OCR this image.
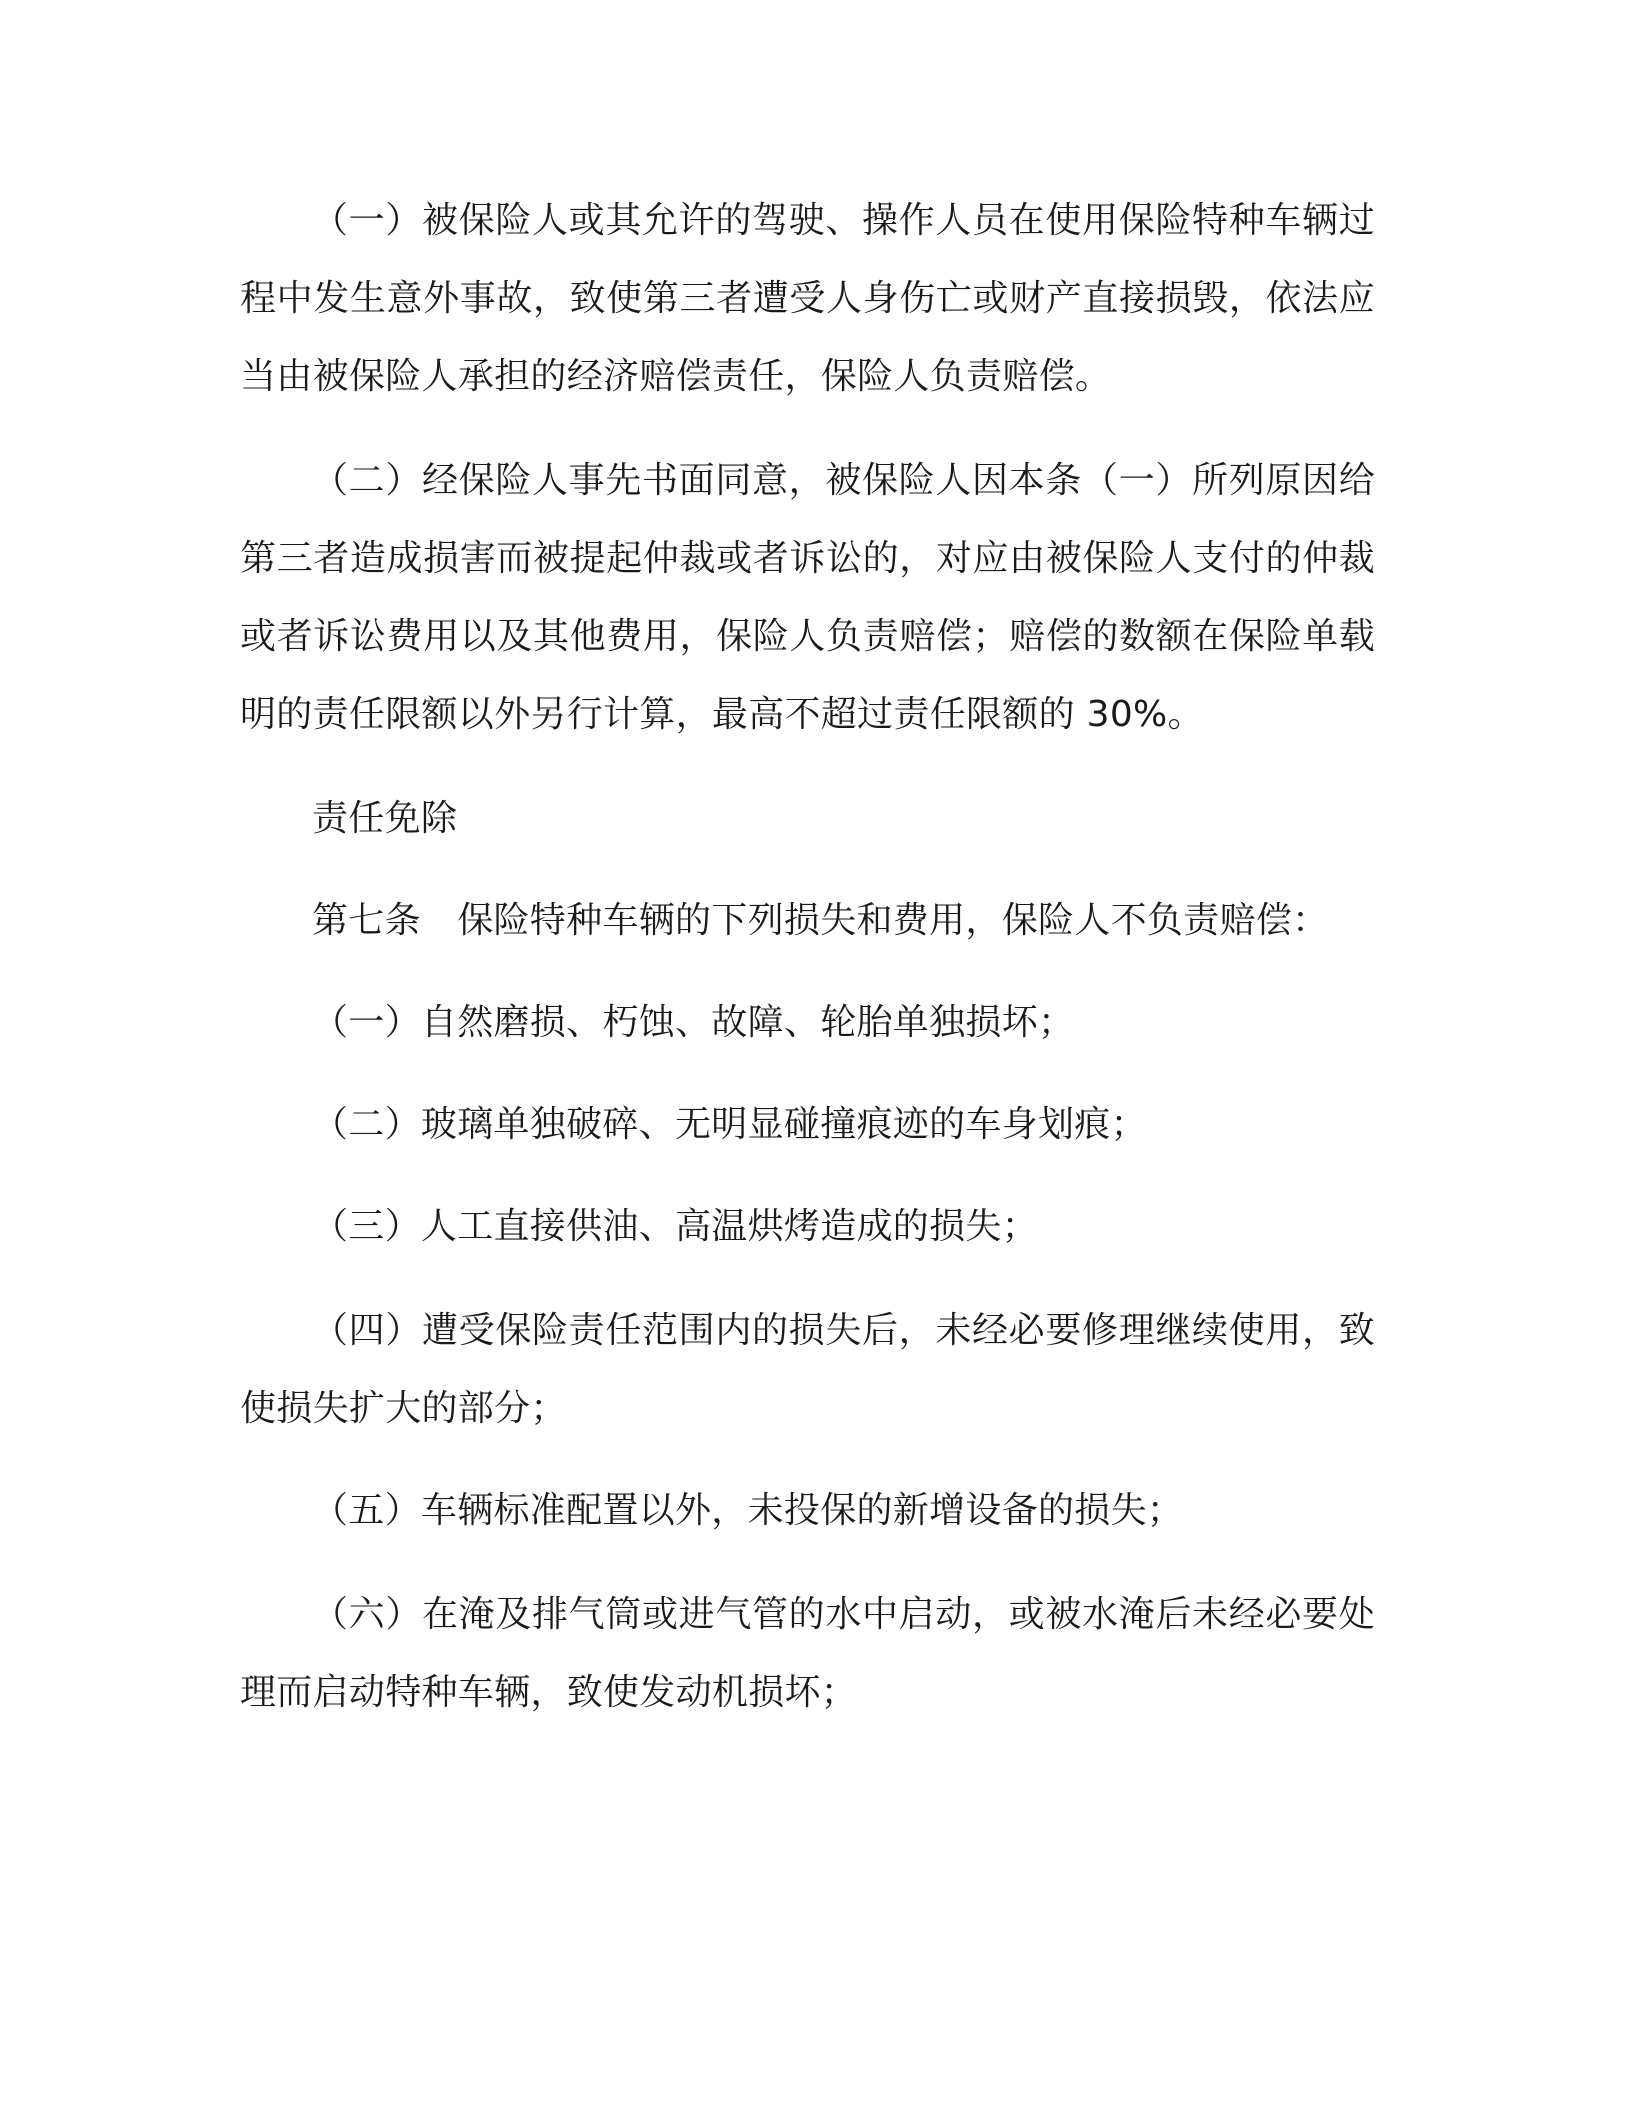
（一）被保险人或其允许的驾驶、操作人员在使用保险特种车辆过程中发生意外事故，致使第三者遭受人身伤亡或财产直接损毁，依法应当由被保险人承担的经济赔偿责任，保险人负责赔偿。

（二）经保险人事先书面同意，被保险人因本条（一）所列原因给第三者造成损害而被提起仲裁或者诉讼的，对应由被保险人支付的仲裁或者诉讼费用以及其他费用，保险人负责赔偿；赔偿的数额在保险单载明的责任限额以外另行计算，最高不超过责任限额的 30%。

责任免除

第七条　保险特种车辆的下列损失和费用，保险人不负责赔偿：

（一）自然磨损、朽蚀、故障、轮胎单独损坏；

（二）玻璃单独破碎、无明显碰撞痕迹的车身划痕；

（三）人工直接供油、高温烘烤造成的损失；

（四）遭受保险责任范围内的损失后，未经必要修理继续使用，致使损失扩大的部分；

（五）车辆标准配置以外，未投保的新增设备的损失；

（六）在淹及排气筒或进气管的水中启动，或被水淹后未经必要处理而启动特种车辆，致使发动机损坏；
